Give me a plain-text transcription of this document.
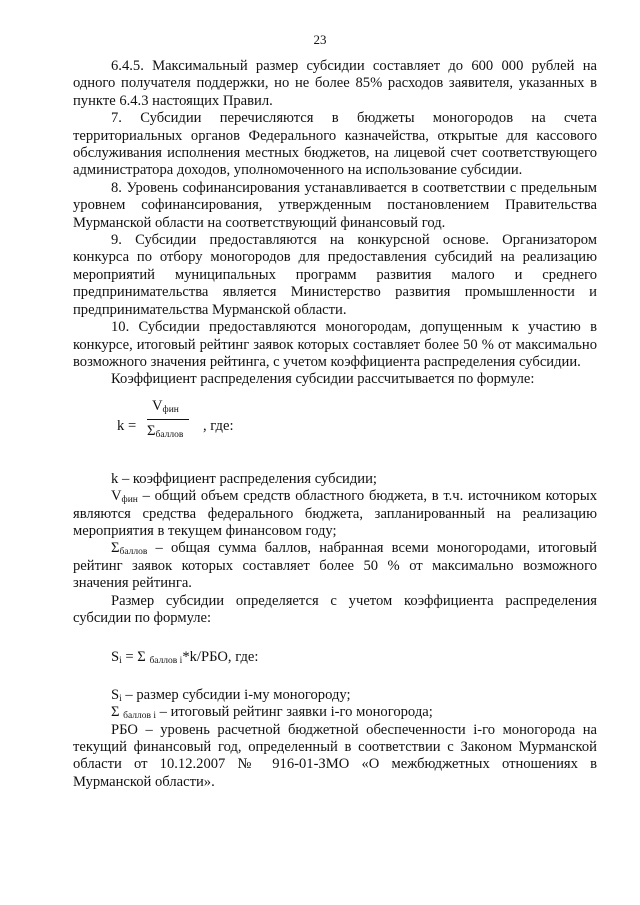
23

6.4.5. Максимальный размер субсидии составляет до 600 000 рублей на одного получателя поддержки, но не более 85% расходов заявителя, указанных в пункте 6.4.3 настоящих Правил.

7. Субсидии перечисляются в бюджеты моногородов на счета территориальных органов Федерального казначейства, открытые для кассового обслуживания исполнения местных бюджетов, на лицевой счет соответствующего администратора доходов, уполномоченного на использование субсидии.

8. Уровень софинансирования устанавливается в соответствии с предельным уровнем софинансирования, утвержденным постановлением Правительства Мурманской области на соответствующий финансовый год.

9. Субсидии предоставляются на конкурсной основе. Организатором конкурса по отбору моногородов для предоставления субсидий на реализацию мероприятий муниципальных программ развития малого и среднего предпринимательства является Министерство развития промышленности и предпринимательства Мурманской области.

10. Субсидии предоставляются моногородам, допущенным к участию в конкурсе, итоговый рейтинг заявок которых составляет более 50 % от максимально возможного значения рейтинга, с учетом коэффициента распределения субсидии.

Коэффициент распределения субсидии рассчитывается по формуле:

k =
$V_{фин}$
$\Sigma_{баллов}$
, где:

k – коэффициент распределения субсидии;

$V_{фин}$ – общий объем средств областного бюджета, в т.ч. источником которых являются средства федерального бюджета, запланированный на реализацию мероприятия в текущем финансовом году;

$\Sigma_{баллов}$ – общая сумма баллов, набранная всеми моногородами, итоговый рейтинг заявок которых составляет более 50 % от максимально возможного значения рейтинга.

Размер субсидии определяется с учетом коэффициента распределения субсидии по формуле:

$S_i = \Sigma$ $_{баллов i}$*k/РБО, где:

$S_i$ – размер субсидии i-му моногороду;

Σ $_{баллов i}$ – итоговый рейтинг заявки i-го моногорода;

РБО – уровень расчетной бюджетной обеспеченности i-го моногорода на текущий финансовый год, определенный в соответствии с Законом Мурманской области от 10.12.2007 № 916-01-ЗМО «О межбюджетных отношениях в Мурманской области».
